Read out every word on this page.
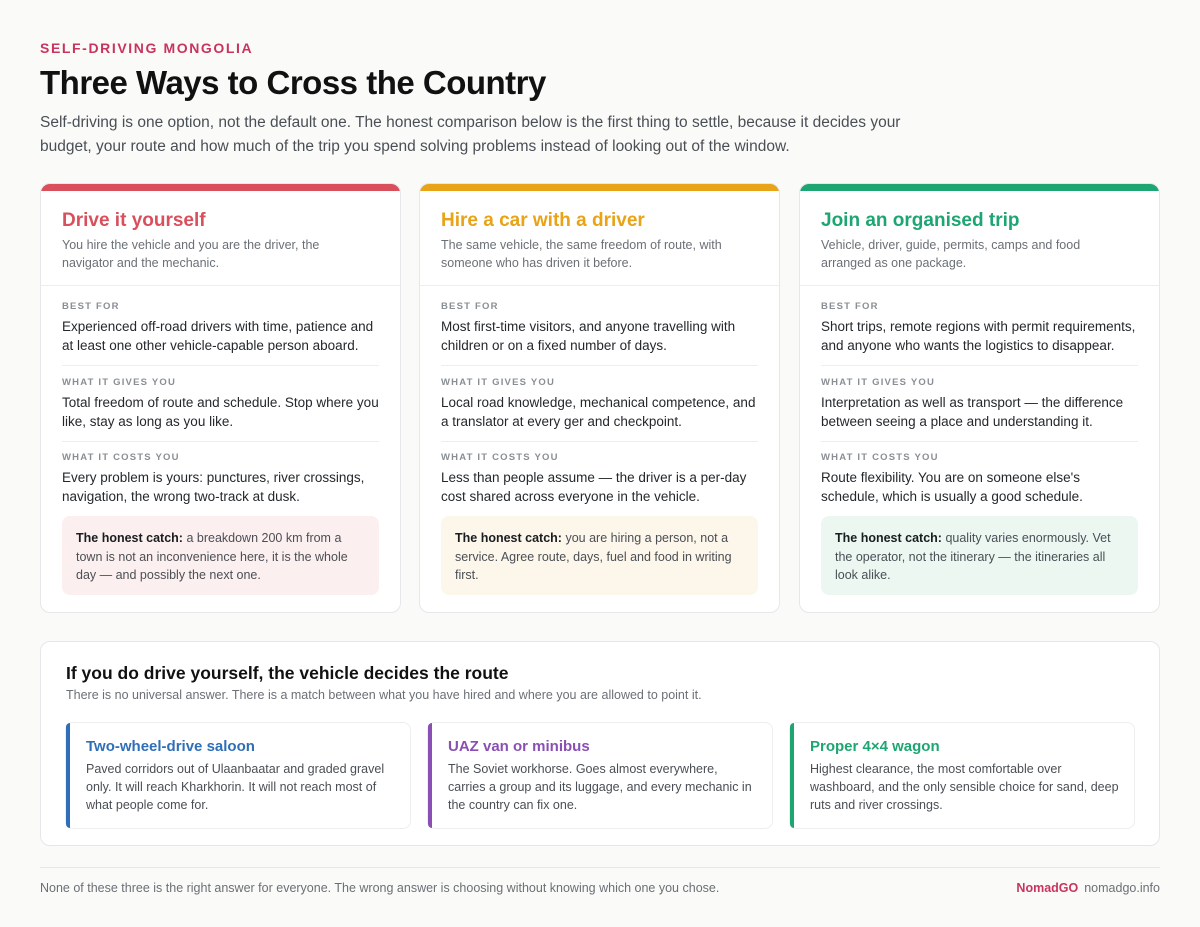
SELF-DRIVING MONGOLIA
Three Ways to Cross the Country

Self-driving is one option, not the default one. The honest comparison below is the first thing to settle, because it decides your budget, your route and how much of the trip you spend solving problems instead of looking out of the window.

Drive it yourself
You hire the vehicle and you are the driver, the navigator and the mechanic.
BEST FOR
Experienced off-road drivers with time, patience and at least one other vehicle-capable person aboard.
WHAT IT GIVES YOU
Total freedom of route and schedule. Stop where you like, stay as long as you like.
WHAT IT COSTS YOU
Every problem is yours: punctures, river crossings, navigation, the wrong two-track at dusk.
The honest catch: a breakdown 200 km from a town is not an inconvenience here, it is the whole day — and possibly the next one.
Hire a car with a driver
The same vehicle, the same freedom of route, with someone who has driven it before.
BEST FOR
Most first-time visitors, and anyone travelling with children or on a fixed number of days.
WHAT IT GIVES YOU
Local road knowledge, mechanical competence, and a translator at every ger and checkpoint.
WHAT IT COSTS YOU
Less than people assume — the driver is a per-day cost shared across everyone in the vehicle.
The honest catch: you are hiring a person, not a service. Agree route, days, fuel and food in writing first.
Join an organised trip
Vehicle, driver, guide, permits, camps and food arranged as one package.
BEST FOR
Short trips, remote regions with permit requirements, and anyone who wants the logistics to disappear.
WHAT IT GIVES YOU
Interpretation as well as transport — the difference between seeing a place and understanding it.
WHAT IT COSTS YOU
Route flexibility. You are on someone else's schedule, which is usually a good schedule.
The honest catch: quality varies enormously. Vet the operator, not the itinerary — the itineraries all look alike.
If you do drive yourself, the vehicle decides the route
There is no universal answer. There is a match between what you have hired and where you are allowed to point it.
Two-wheel-drive saloon

Paved corridors out of Ulaanbaatar and graded gravel only. It will reach Kharkhorin. It will not reach most of what people come for.

UAZ van or minibus

The Soviet workhorse. Goes almost everywhere, carries a group and its luggage, and every mechanic in the country can fix one.

Proper 4×4 wagon

Highest clearance, the most comfortable over washboard, and the only sensible choice for sand, deep ruts and river crossings.

None of these three is the right answer for everyone. The wrong answer is choosing without knowing which one you chose.	NomadGO nomadgo.info
